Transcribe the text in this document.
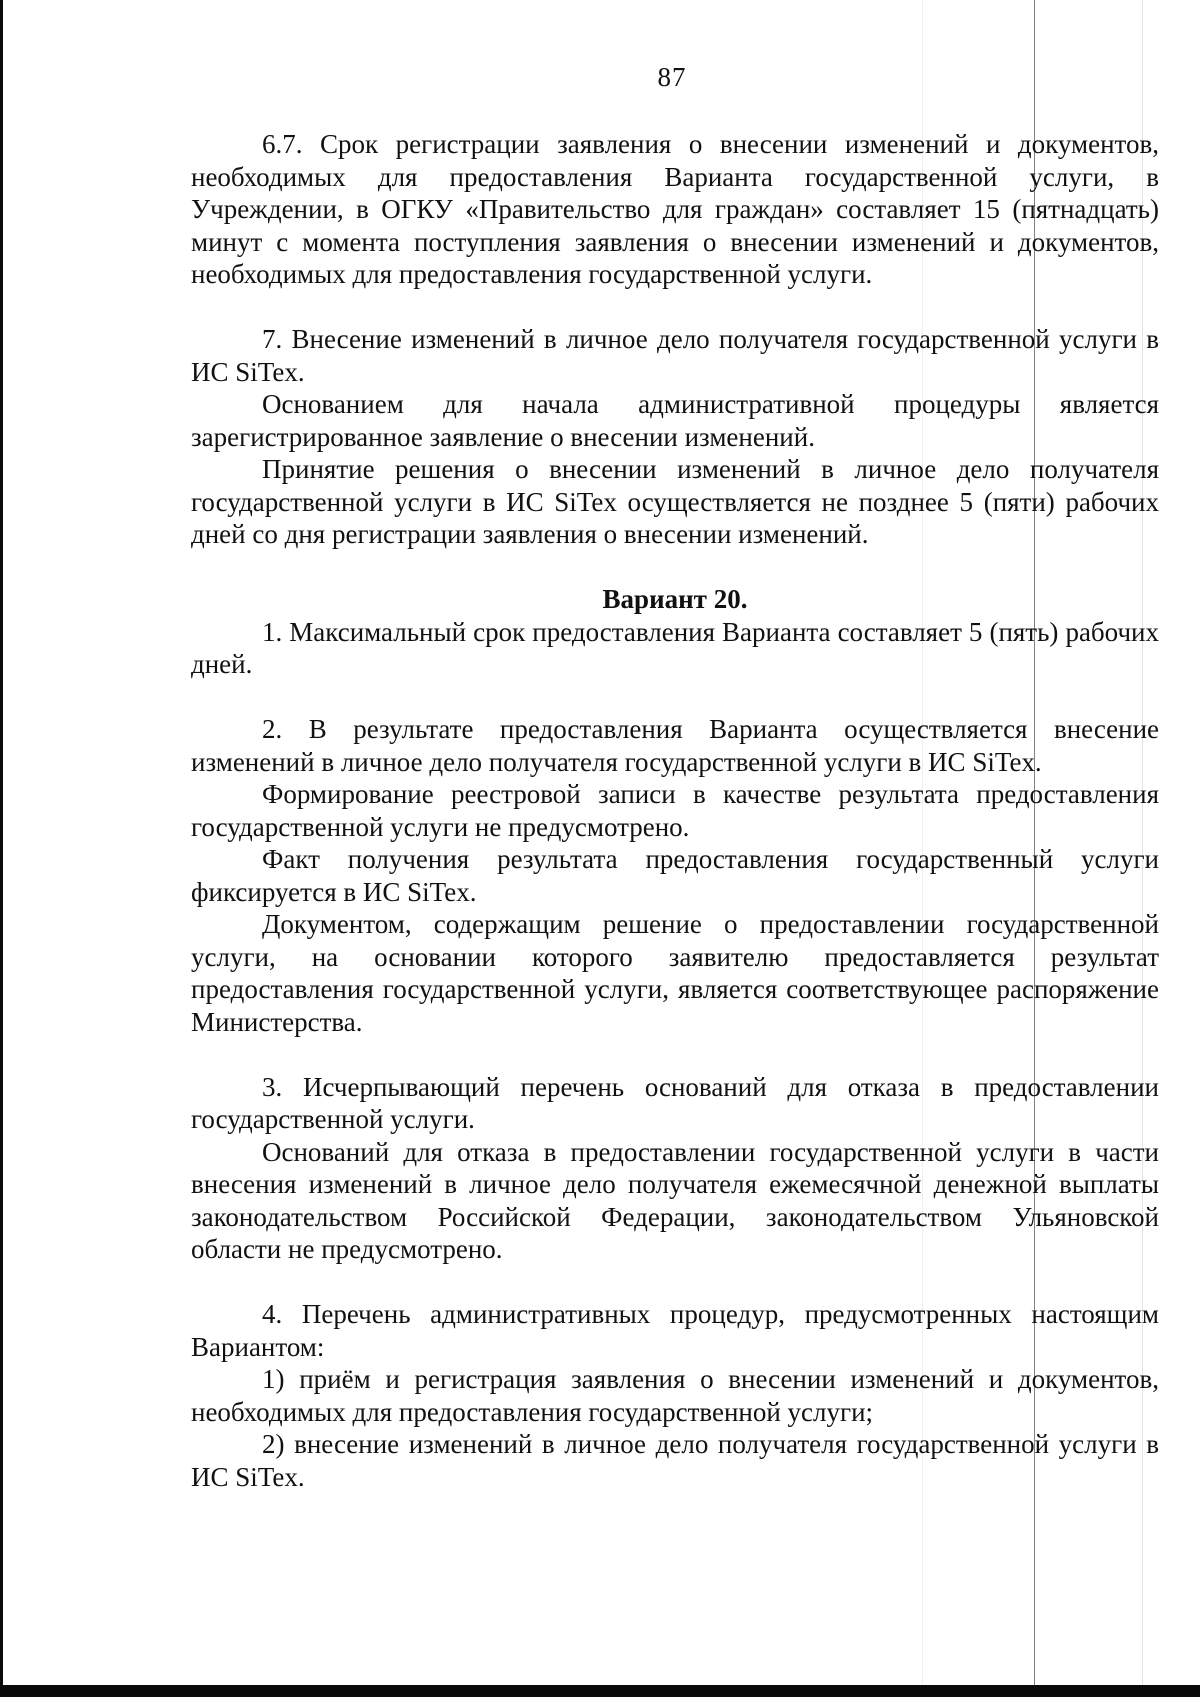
87

6.7. Срок регистрации заявления о внесении изменений и документов, необходимых для предоставления Варианта государственной услуги, в Учреждении, в ОГКУ «Правительство для граждан» составляет 15 (пятнадцать) минут с момента поступления заявления о внесении изменений и документов, необходимых для предоставления государственной услуги.

7. Внесение изменений в личное дело получателя государственной услуги в ИС SiTex.

Основанием для начала административной процедуры является зарегистрированное заявление о внесении изменений.

Принятие решения о внесении изменений в личное дело получателя государственной услуги в ИС SiTex осуществляется не позднее 5 (пяти) рабочих дней со дня регистрации заявления о внесении изменений.

Вариант 20.

1. Максимальный срок предоставления Варианта составляет 5 (пять) рабочих дней.

2. В результате предоставления Варианта осуществляется внесение изменений в личное дело получателя государственной услуги в ИС SiTex.

Формирование реестровой записи в качестве результата предоставления государственной услуги не предусмотрено.

Факт получения результата предоставления государственный услуги фиксируется в ИС SiTex.

Документом, содержащим решение о предоставлении государственной услуги, на основании которого заявителю предоставляется результат предоставления государственной услуги, является соответствующее распоряжение Министерства.

3. Исчерпывающий перечень оснований для отказа в предоставлении государственной услуги.

Оснований для отказа в предоставлении государственной услуги в части внесения изменений в личное дело получателя ежемесячной денежной выплаты законодательством Российской Федерации, законодательством Ульяновской области не предусмотрено.

4. Перечень административных процедур, предусмотренных настоящим Вариантом:

1) приём и регистрация заявления о внесении изменений и документов, необходимых для предоставления государственной услуги;

2) внесение изменений в личное дело получателя государственной услуги в ИС SiTex.
